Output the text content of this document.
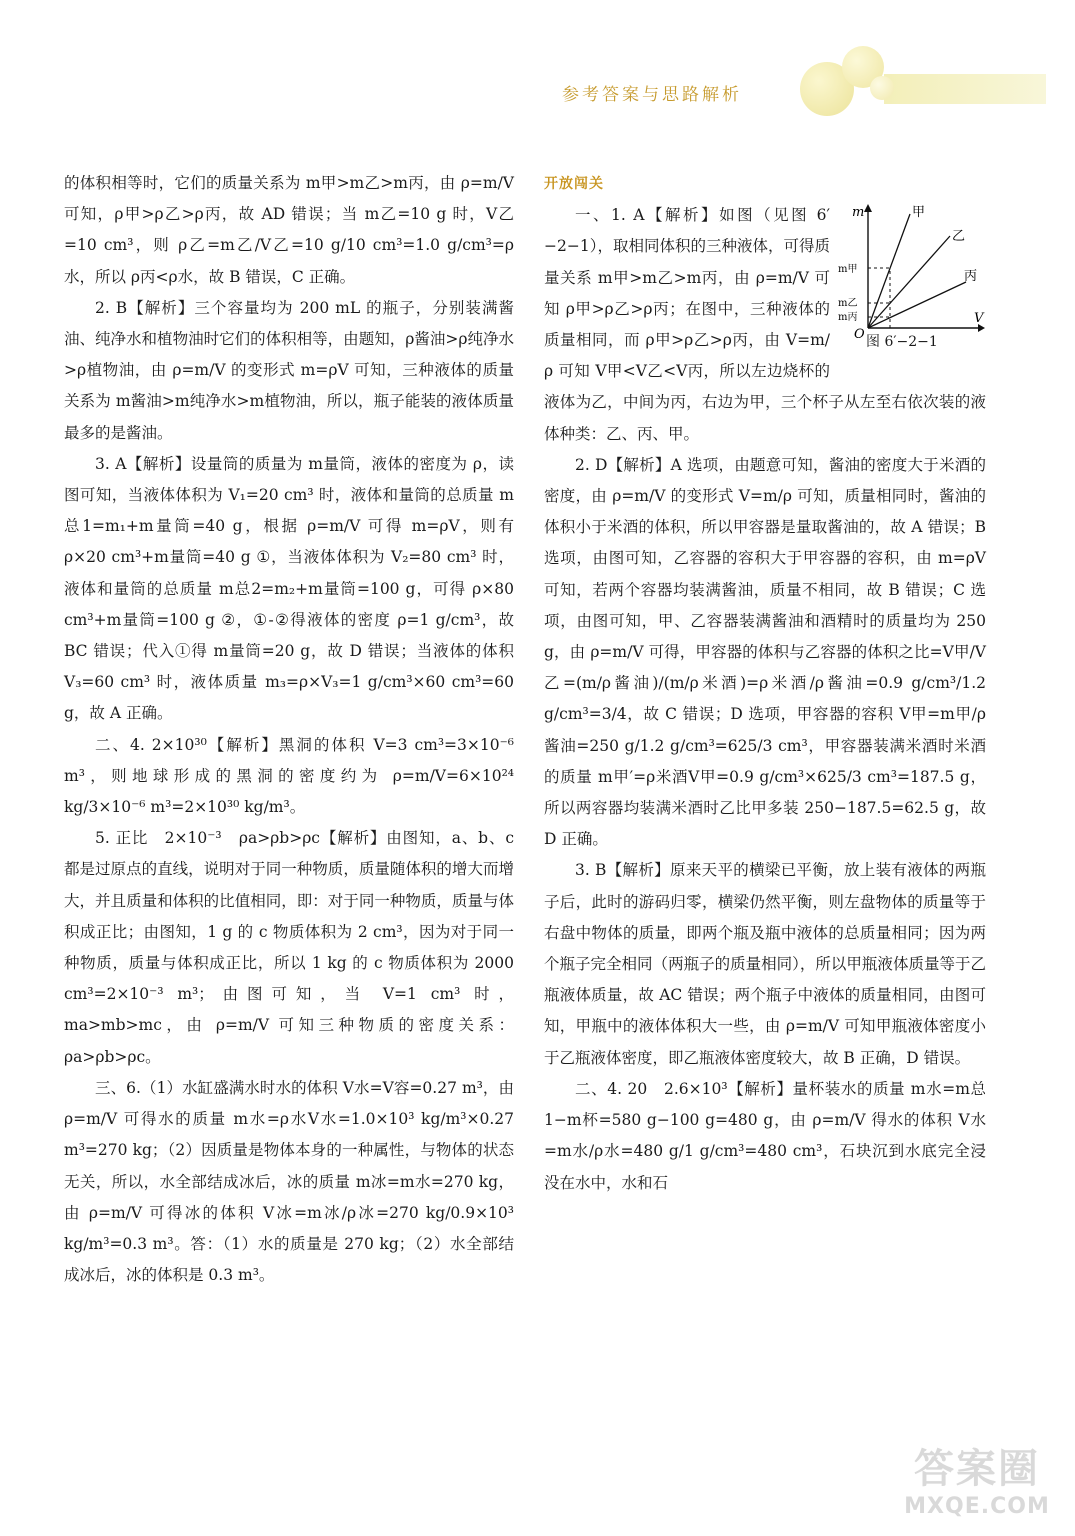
参考答案与思路解析

的体积相等时，它们的质量关系为 m甲>m乙>m丙，由 ρ=m/V 可知，ρ甲>ρ乙>ρ丙，故 AD 错误；当 m乙=10 g 时，V乙=10 cm³，则 ρ乙=m乙/V乙=10 g/10 cm³=1.0 g/cm³=ρ水，所以 ρ丙<ρ水，故 B 错误，C 正确。

2. B【解析】三个容量均为 200 mL 的瓶子，分别装满酱油、纯净水和植物油时它们的体积相等，由题知，ρ酱油>ρ纯净水>ρ植物油，由 ρ=m/V 的变形式 m=ρV 可知，三种液体的质量关系为 m酱油>m纯净水>m植物油，所以，瓶子能装的液体质量最多的是酱油。

3. A【解析】设量筒的质量为 m量筒，液体的密度为 ρ，读图可知，当液体体积为 V₁=20 cm³ 时，液体和量筒的总质量 m总1=m₁+m量筒=40 g，根据 ρ=m/V 可得 m=ρV，则有 ρ×20 cm³+m量筒=40 g ①，当液体体积为 V₂=80 cm³ 时，液体和量筒的总质量 m总2=m₂+m量筒=100 g，可得 ρ×80 cm³+m量筒=100 g ②，①-②得液体的密度 ρ=1 g/cm³，故 BC 错误；代入①得 m量筒=20 g，故 D 错误；当液体的体积 V₃=60 cm³ 时，液体质量 m₃=ρ×V₃=1 g/cm³×60 cm³=60 g，故 A 正确。

二、4. 2×10³⁰【解析】黑洞的体积 V=3 cm³=3×10⁻⁶ m³，则地球形成的黑洞的密度约为 ρ=m/V=6×10²⁴ kg/3×10⁻⁶ m³=2×10³⁰ kg/m³。

5. 正比　2×10⁻³　ρa>ρb>ρc【解析】由图知，a、b、c 都是过原点的直线，说明对于同一种物质，质量随体积的增大而增大，并且质量和体积的比值相同，即：对于同一种物质，质量与体积成正比；由图知，1 g 的 c 物质体积为 2 cm³，因为对于同一种物质，质量与体积成正比，所以 1 kg 的 c 物质体积为 2000 cm³=2×10⁻³ m³；由图可知，当 V=1 cm³ 时，ma>mb>mc，由 ρ=m/V 可知三种物质的密度关系：ρa>ρb>ρc。

三、6.（1）水缸盛满水时水的体积 V水=V容=0.27 m³，由 ρ=m/V 可得水的质量 m水=ρ水V水=1.0×10³ kg/m³×0.27 m³=270 kg；（2）因质量是物体本身的一种属性，与物体的状态无关，所以，水全部结成冰后，冰的质量 m冰=m水=270 kg，由 ρ=m/V 可得冰的体积 V冰=m冰/ρ冰=270 kg/0.9×10³ kg/m³=0.3 m³。答：（1）水的质量是 270 kg；（2）水全部结成冰后，冰的体积是 0.3 m³。

开放闯关

m
V
O
甲
乙
丙
m甲
m乙
m丙
图 6′−2−1

一、1. A【解析】如图（见图 6′−2−1），取相同体积的三种液体，可得质量关系 m甲>m乙>m丙，由 ρ=m/V 可知 ρ甲>ρ乙>ρ丙；在图中，三种液体的质量相同，而 ρ甲>ρ乙>ρ丙，由 V=m/ρ 可知 V甲<V乙<V丙，所以左边烧杯的液体为乙，中间为丙，右边为甲，三个杯子从左至右依次装的液体种类：乙、丙、甲。

2. D【解析】A 选项，由题意可知，酱油的密度大于米酒的密度，由 ρ=m/V 的变形式 V=m/ρ 可知，质量相同时，酱油的体积小于米酒的体积，所以甲容器是量取酱油的，故 A 错误；B 选项，由图可知，乙容器的容积大于甲容器的容积，由 m=ρV 可知，若两个容器均装满酱油，质量不相同，故 B 错误；C 选项，由图可知，甲、乙容器装满酱油和酒精时的质量均为 250 g，由 ρ=m/V 可得，甲容器的体积与乙容器的体积之比=V甲/V乙=(m/ρ酱油)/(m/ρ米酒)=ρ米酒/ρ酱油=0.9 g/cm³/1.2 g/cm³=3/4，故 C 错误；D 选项，甲容器的容积 V甲=m甲/ρ酱油=250 g/1.2 g/cm³=625/3 cm³，甲容器装满米酒时米酒的质量 m甲′=ρ米酒V甲=0.9 g/cm³×625/3 cm³=187.5 g，所以两容器均装满米酒时乙比甲多装 250−187.5=62.5 g，故 D 正确。

3. B【解析】原来天平的横梁已平衡，放上装有液体的两瓶子后，此时的游码归零，横梁仍然平衡，则左盘物体的质量等于右盘中物体的质量，即两个瓶及瓶中液体的总质量相同；因为两个瓶子完全相同（两瓶子的质量相同），所以甲瓶液体质量等于乙瓶液体质量，故 AC 错误；两个瓶子中液体的质量相同，由图可知，甲瓶中的液体体积大一些，由 ρ=m/V 可知甲瓶液体密度小于乙瓶液体密度，即乙瓶液体密度较大，故 B 正确，D 错误。

二、4. 20　2.6×10³【解析】量杯装水的质量 m水=m总1−m杯=580 g−100 g=480 g，由 ρ=m/V 得水的体积 V水=m水/ρ水=480 g/1 g/cm³=480 cm³，石块沉到水底完全浸没在水中，水和石

答案圈
MXQE.COM
